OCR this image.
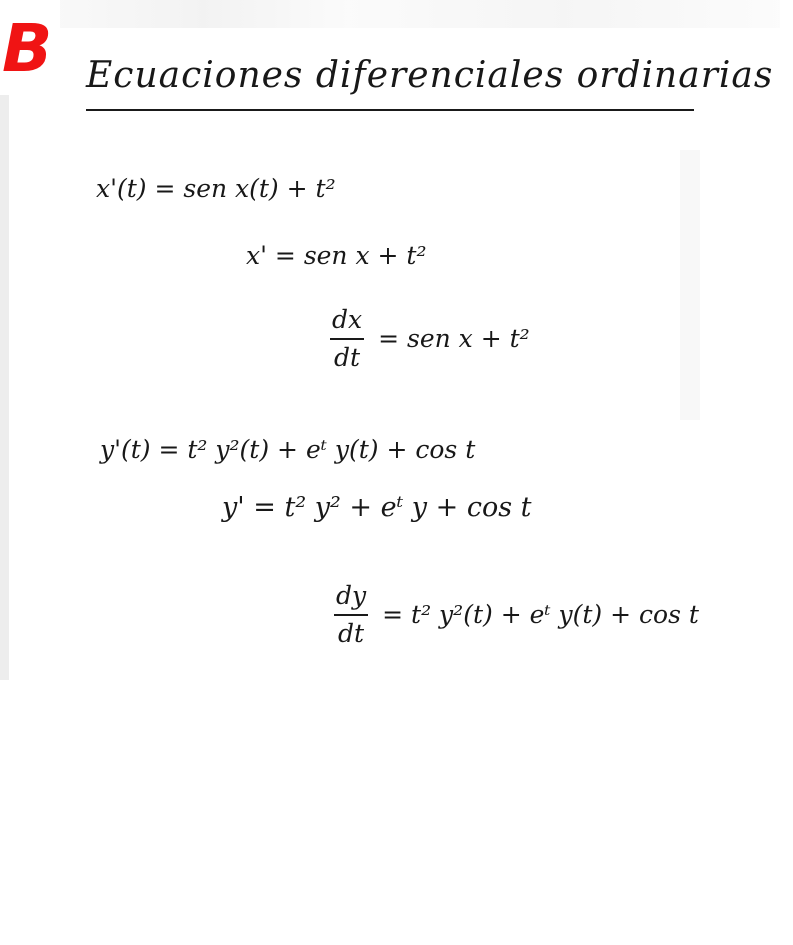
B Ecuaciones diferenciales ordinarias
x'(t) = sen x(t) + t²
x' = sen x + t²
$\frac{dx}{dt}$ = sen x + t²
y'(t) = t² y²(t) + eᵗ y(t) + cos t
y' = t² y² + eᵗ y + cos t
$\frac{dy}{dt} = t^2$ y²(t) + eᵗ y(t) + cos t
